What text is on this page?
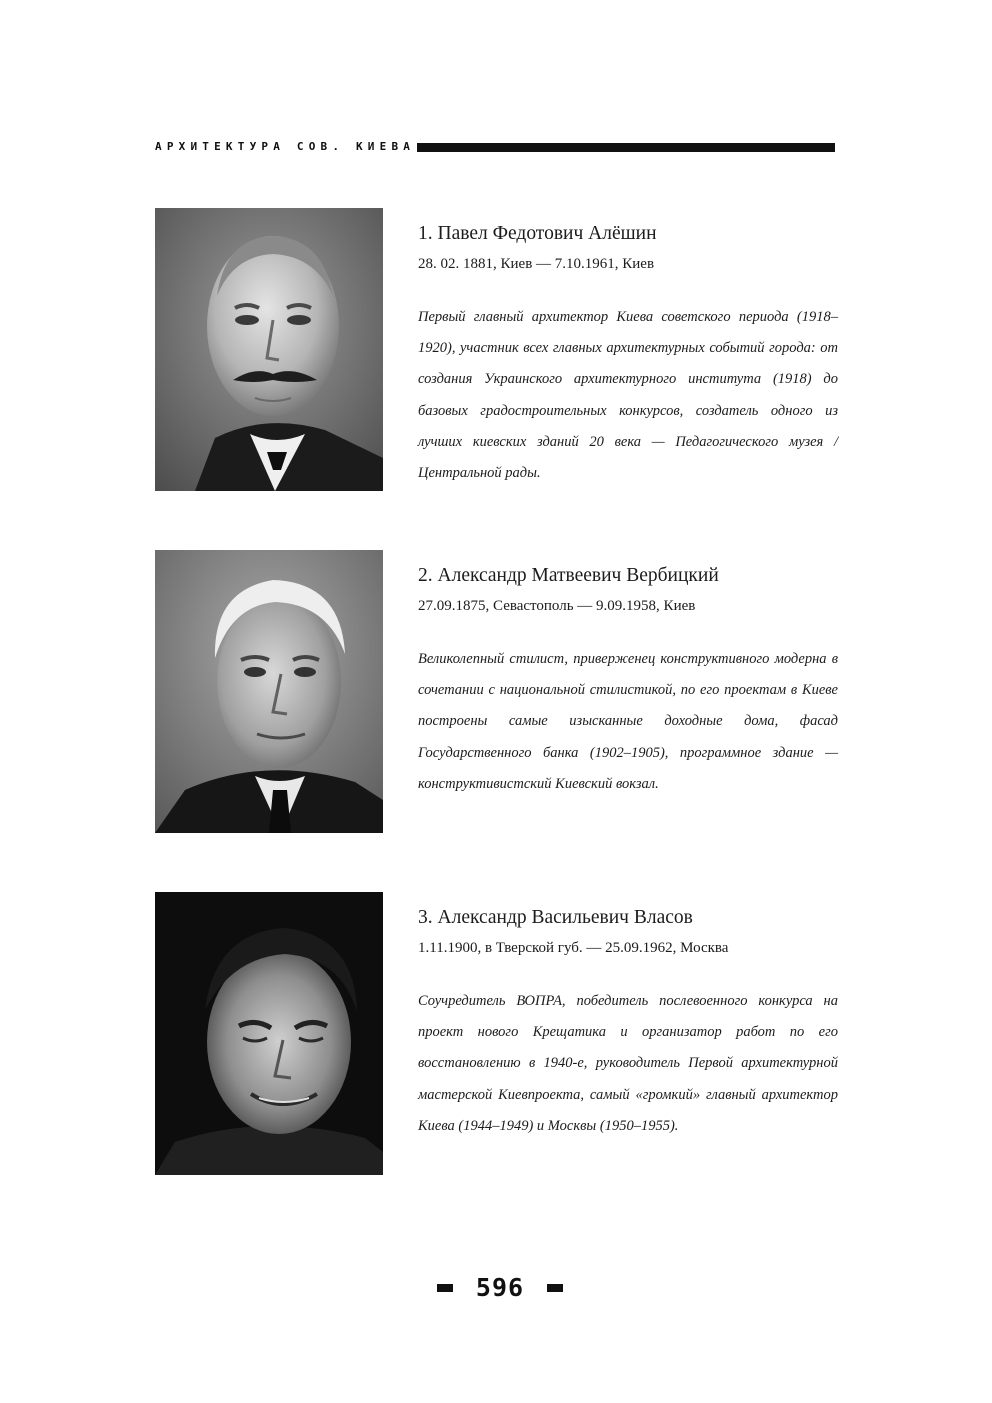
АРХИТЕКТУРА СОВ. КИЕВА

1. Павел Федотович Алёшин

28. 02. 1881, Киев — 7.10.1961, Киев

Первый главный архитектор Киева советского периода (1918–1920), участник всех главных архитектурных событий города: от создания Украинского архитектурного института (1918) до базовых градостроительных конкурсов, создатель одного из лучших киевских зданий 20 века — Педагогического музея / Центральной рады.

2. Александр Матвеевич Вербицкий

27.09.1875, Севастополь — 9.09.1958, Киев

Великолепный стилист, приверженец конструктивного модерна в сочетании с национальной стилистикой, по его проектам в Киеве построены самые изысканные доходные дома, фасад Государственного банка (1902–1905), программное здание — конструктивистский Киевский вокзал.

3. Александр Васильевич Власов

1.11.1900, в Тверской губ. — 25.09.1962, Москва

Соучредитель ВОПРА, победитель послевоенного конкурса на проект нового Крещатика и организатор работ по его восстановлению в 1940-е, руководитель Первой архитектурной мастерской Киевпроекта, самый «громкий» главный архитектор Киева (1944–1949) и Москвы (1950–1955).

596
